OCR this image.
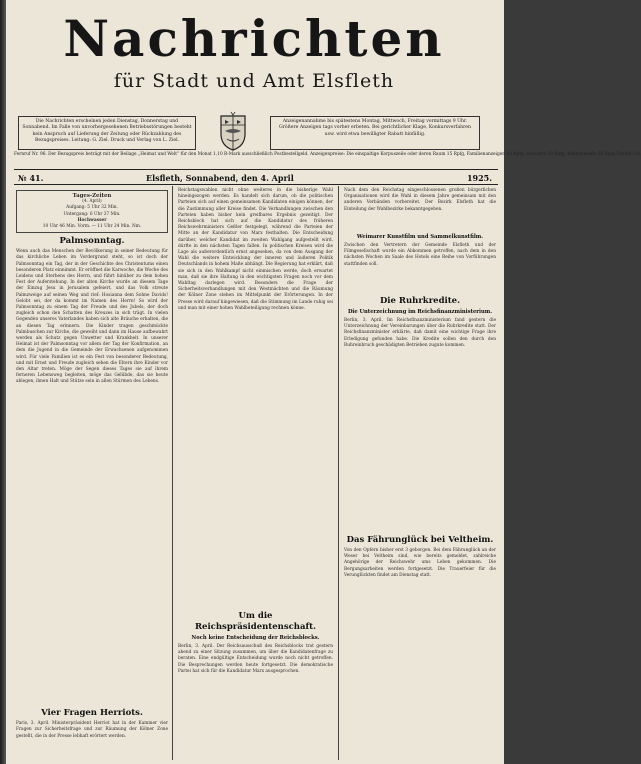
Nachrichten
für Stadt und Amt Elsfleth
Die Nachrichten erscheinen jeden Dienstag, Donnerstag und Sonnabend. Im Falle von unvorhergesehenen Betriebsstörungen besteht kein Anspruch auf Lieferung der Zeitung oder Rückzahlung des Bezugspreises. Leitung: G. Ziel. Druck und Verlag von L. Ziel.
Anzeigenannahme bis spätestens Montag, Mittwoch, Freitag vormittags 9 Uhr. Größere Anzeigen tags vorher erbeten. Bei gerichtlicher Klage, Konkursverfahren usw. wird etwa bewilligter Rabatt hinfällig.
Fernruf Nr. 96. Der Bezugspreis beträgt mit der Beilage „Heimat und Welt“ für den Monat 1,10 R-Mark ausschließlich Postbestellgeld. Anzeigenpreise: Die einspaltige Korpuszeile oder deren Raum 15 Rpfg, Familienanzeigen 10 Rpfg, auswärts 20 Rpfg, Reklamezeile 50 Rpfg Elsfleth 18.
№ 41.	Elsfleth, Sonnabend, den 4. April	1925.
Tages-Zeiten
(4. April)
Aufgang: 5 Uhr 32 Min.
Untergang: 6 Uhr 37 Min.
Hochwasser
10 Uhr 46 Min. Vorm. — 11 Uhr 24 Min. Nm.
Palmsonntag.

Wenn auch das Menschen der Bevölkerung in seiner Bedeutung für das kirchliche Leben im Vordergrund steht, so ist doch der Palmsonntag ein Tag, der in der Geschichte des Christentums einen besonderen Platz einnimmt. Er eröffnet die Karwoche, die Woche des Leidens und Sterbens des Herrn, und führt hinüber zu dem hohen Fest der Auferstehung. In der alten Kirche wurde an diesem Tage der Einzug Jesu in Jerusalem gefeiert, und das Volk streute Palmzweige auf seinen Weg und rief: Hosianna dem Sohne Davids! Gelobt sei, der da kommt im Namen des Herrn! So wird der Palmsonntag zu einem Tag der Freude und des Jubels, der doch zugleich schon den Schatten des Kreuzes in sich trägt. In vielen Gegenden unseres Vaterlandes haben sich alte Bräuche erhalten, die an diesen Tag erinnern. Die Kinder tragen geschmückte Palmbuschen zur Kirche, die geweiht und dann im Hause aufbewahrt werden als Schutz gegen Unwetter und Krankheit. In unserer Heimat ist der Palmsonntag vor allem der Tag der Konfirmation, an dem die Jugend in die Gemeinde der Erwachsenen aufgenommen wird. Für viele Familien ist es ein Fest von besonderer Bedeutung, und mit Ernst und Freude zugleich sehen die Eltern ihre Kinder vor den Altar treten. Möge der Segen dieses Tages sie auf ihrem ferneren Lebensweg begleiten, möge das Gelübde, das sie heute ablegen, ihnen Halt und Stütze sein in allen Stürmen des Lebens.

Vier Fragen Herriots.

Paris, 3. April. Ministerpräsident Herriot hat in der Kammer vier Fragen zur Sicherheitsfrage und zur Räumung der Kölner Zone gestellt, die in der Presse lebhaft erörtert werden.

Reichstagswahlen nicht ohne weiteres in die bisherige Wahl hineingezogen werden. Es handelt sich darum, ob die politischen Parteien sich auf einen gemeinsamen Kandidaten einigen können, der die Zustimmung aller Kreise findet. Die Verhandlungen zwischen den Parteien haben bisher kein greifbares Ergebnis gezeitigt. Der Reichsblock hat sich auf die Kandidatur des früheren Reichswehrministers Geßler festgelegt, während die Parteien der Mitte an der Kandidatur von Marx festhalten. Die Entscheidung darüber, welcher Kandidat im zweiten Wahlgang aufgestellt wird, dürfte in den nächsten Tagen fallen. In politischen Kreisen wird die Lage als außerordentlich ernst angesehen, da von dem Ausgang der Wahl die weitere Entwicklung der inneren und äußeren Politik Deutschlands in hohem Maße abhängt. Die Regierung hat erklärt, daß sie sich in den Wahlkampf nicht einmischen werde, doch erwartet man, daß sie ihre Haltung in den wichtigsten Fragen noch vor dem Wahltag darlegen wird. Besonders die Frage der Sicherheitsverhandlungen mit den Westmächten und die Räumung der Kölner Zone stehen im Mittelpunkt der Erörterungen. In der Presse wird darauf hingewiesen, daß die Stimmung im Lande ruhig sei und man mit einer hohen Wahlbeteiligung rechnen könne.

Um die Reichspräsidentenschaft.
Noch keine Entscheidung der Reichsblocks.

Berlin, 3. April. Der Reichsausschuß des Reichsblocks trat gestern abend zu einer Sitzung zusammen, um über die Kandidatenfrage zu beraten. Eine endgültige Entscheidung wurde noch nicht getroffen. Die Besprechungen werden heute fortgesetzt. Die demokratische Partei hat sich für die Kandidatur Marx ausgesprochen.

Nach dem den Reichstag eingeschlossenen großen bürgerlichen Organisationen wird die Wahl in diesem Jahre gemeinsam mit den anderen Verbänden vorbereitet. Der Bezirk Elsfleth hat die Einteilung der Wahlbezirke bekanntgegeben.

Weimarer Kunstfilm und Sammelkunstfilm.

Zwischen den Vertretern der Gemeinde Elsfleth und der Filmgesellschaft wurde ein Abkommen getroffen, nach dem in den nächsten Wochen im Saale des Hotels eine Reihe von Vorführungen stattfinden soll.

Die Ruhrkredite.
Die Unterzeichnung im Reichsfinanzministerium.

Berlin, 3. April. Im Reichsfinanzministerium fand gestern die Unterzeichnung der Vereinbarungen über die Ruhrkredite statt. Der Reichsfinanzminister erklärte, daß damit eine wichtige Frage ihre Erledigung gefunden habe. Die Kredite sollen den durch den Ruhreinbruch geschädigten Betrieben zugute kommen.

Das Fährunglück bei Veltheim.

Von den Opfern bisher erst 3 geborgen. Bei dem Fährunglück an der Weser bei Veltheim sind, wie bereits gemeldet, zahlreiche Angehörige der Reichswehr ums Leben gekommen. Die Bergungsarbeiten werden fortgesetzt. Die Trauerfeier für die Verunglückten findet am Dienstag statt.
